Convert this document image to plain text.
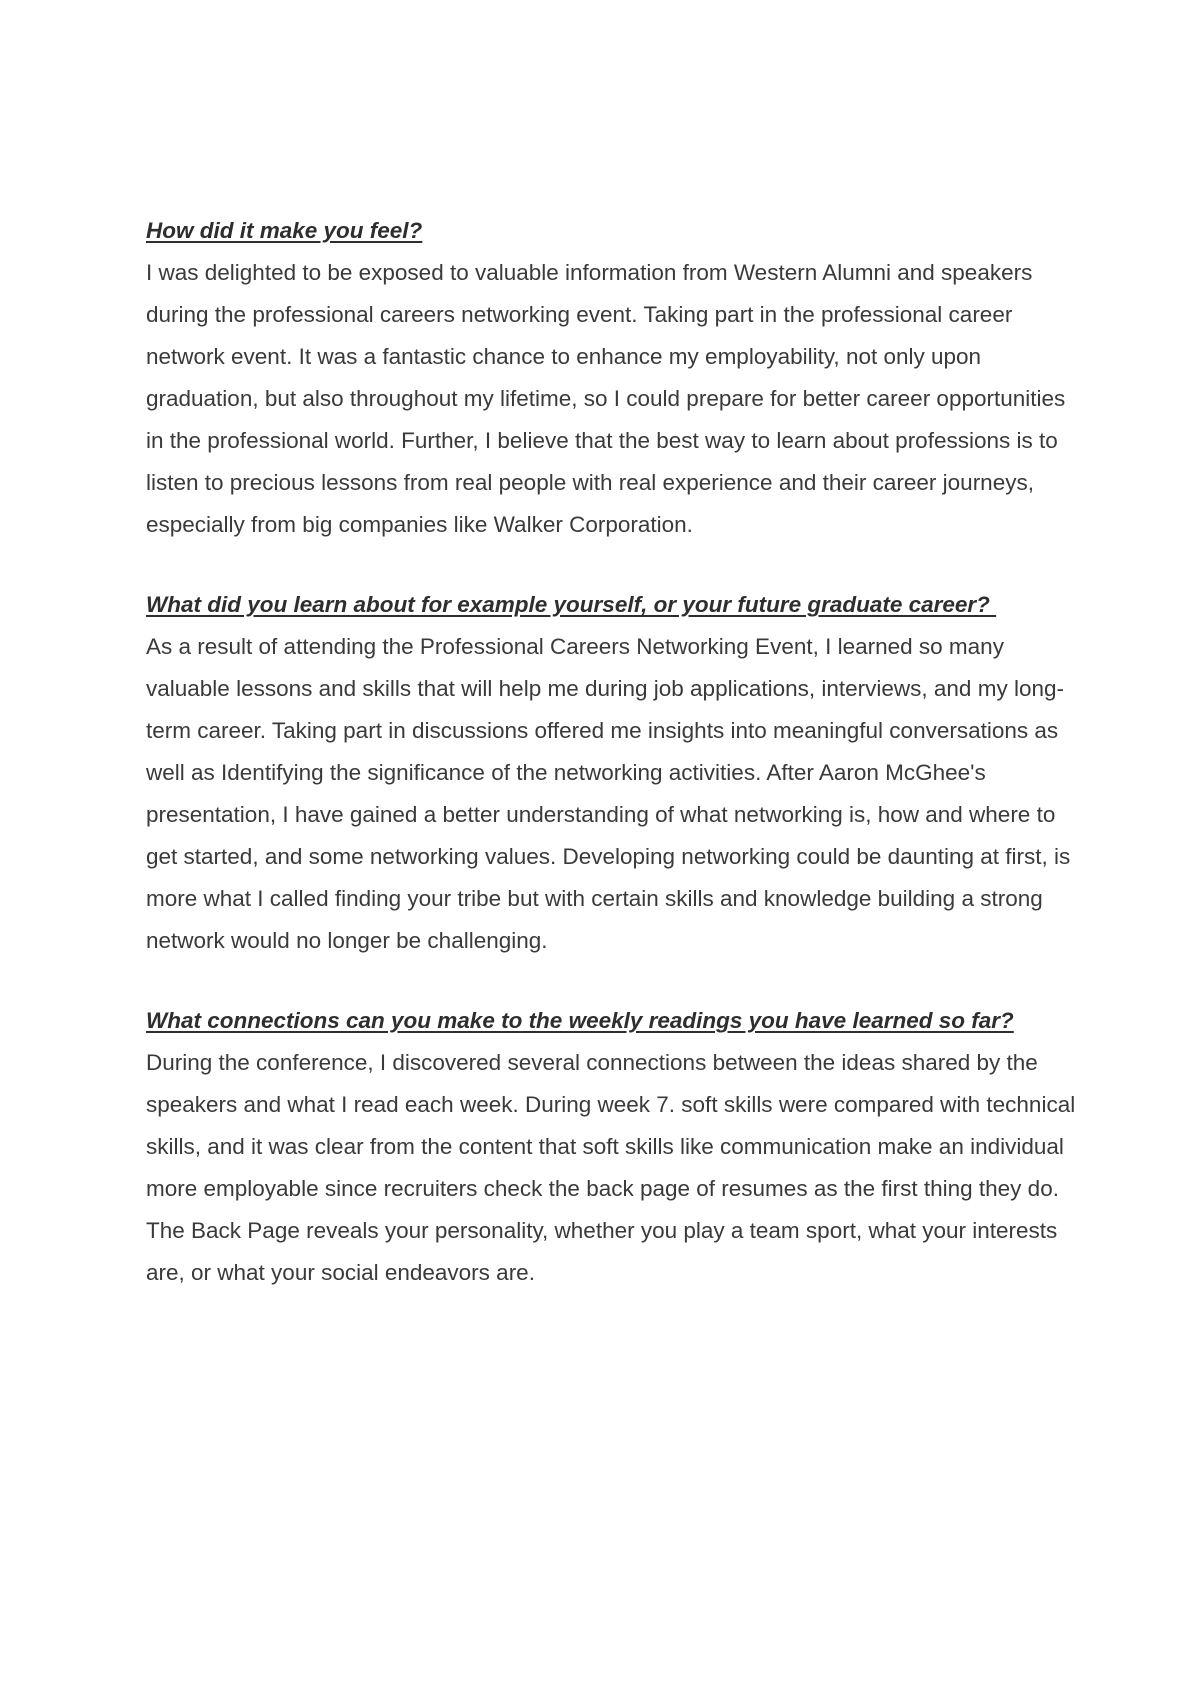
How did it make you feel?

I was delighted to be exposed to valuable information from Western Alumni and speakers during the professional careers networking event. Taking part in the professional career network event. It was a fantastic chance to enhance my employability, not only upon graduation, but also throughout my lifetime, so I could prepare for better career opportunities in the professional world. Further, I believe that the best way to learn about professions is to listen to precious lessons from real people with real experience and their career journeys, especially from big companies like Walker Corporation.

What did you learn about for example yourself, or your future graduate career?

As a result of attending the Professional Careers Networking Event, I learned so many valuable lessons and skills that will help me during job applications, interviews, and my long-term career. Taking part in discussions offered me insights into meaningful conversations as well as Identifying the significance of the networking activities. After Aaron McGhee's presentation, I have gained a better understanding of what networking is, how and where to get started, and some networking values. Developing networking could be daunting at first, is more what I called finding your tribe but with certain skills and knowledge building a strong network would no longer be challenging.

What connections can you make to the weekly readings you have learned so far?

During the conference, I discovered several connections between the ideas shared by the speakers and what I read each week. During week 7. soft skills were compared with technical skills, and it was clear from the content that soft skills like communication make an individual more employable since recruiters check the back page of resumes as the first thing they do. The Back Page reveals your personality, whether you play a team sport, what your interests are, or what your social endeavors are.
